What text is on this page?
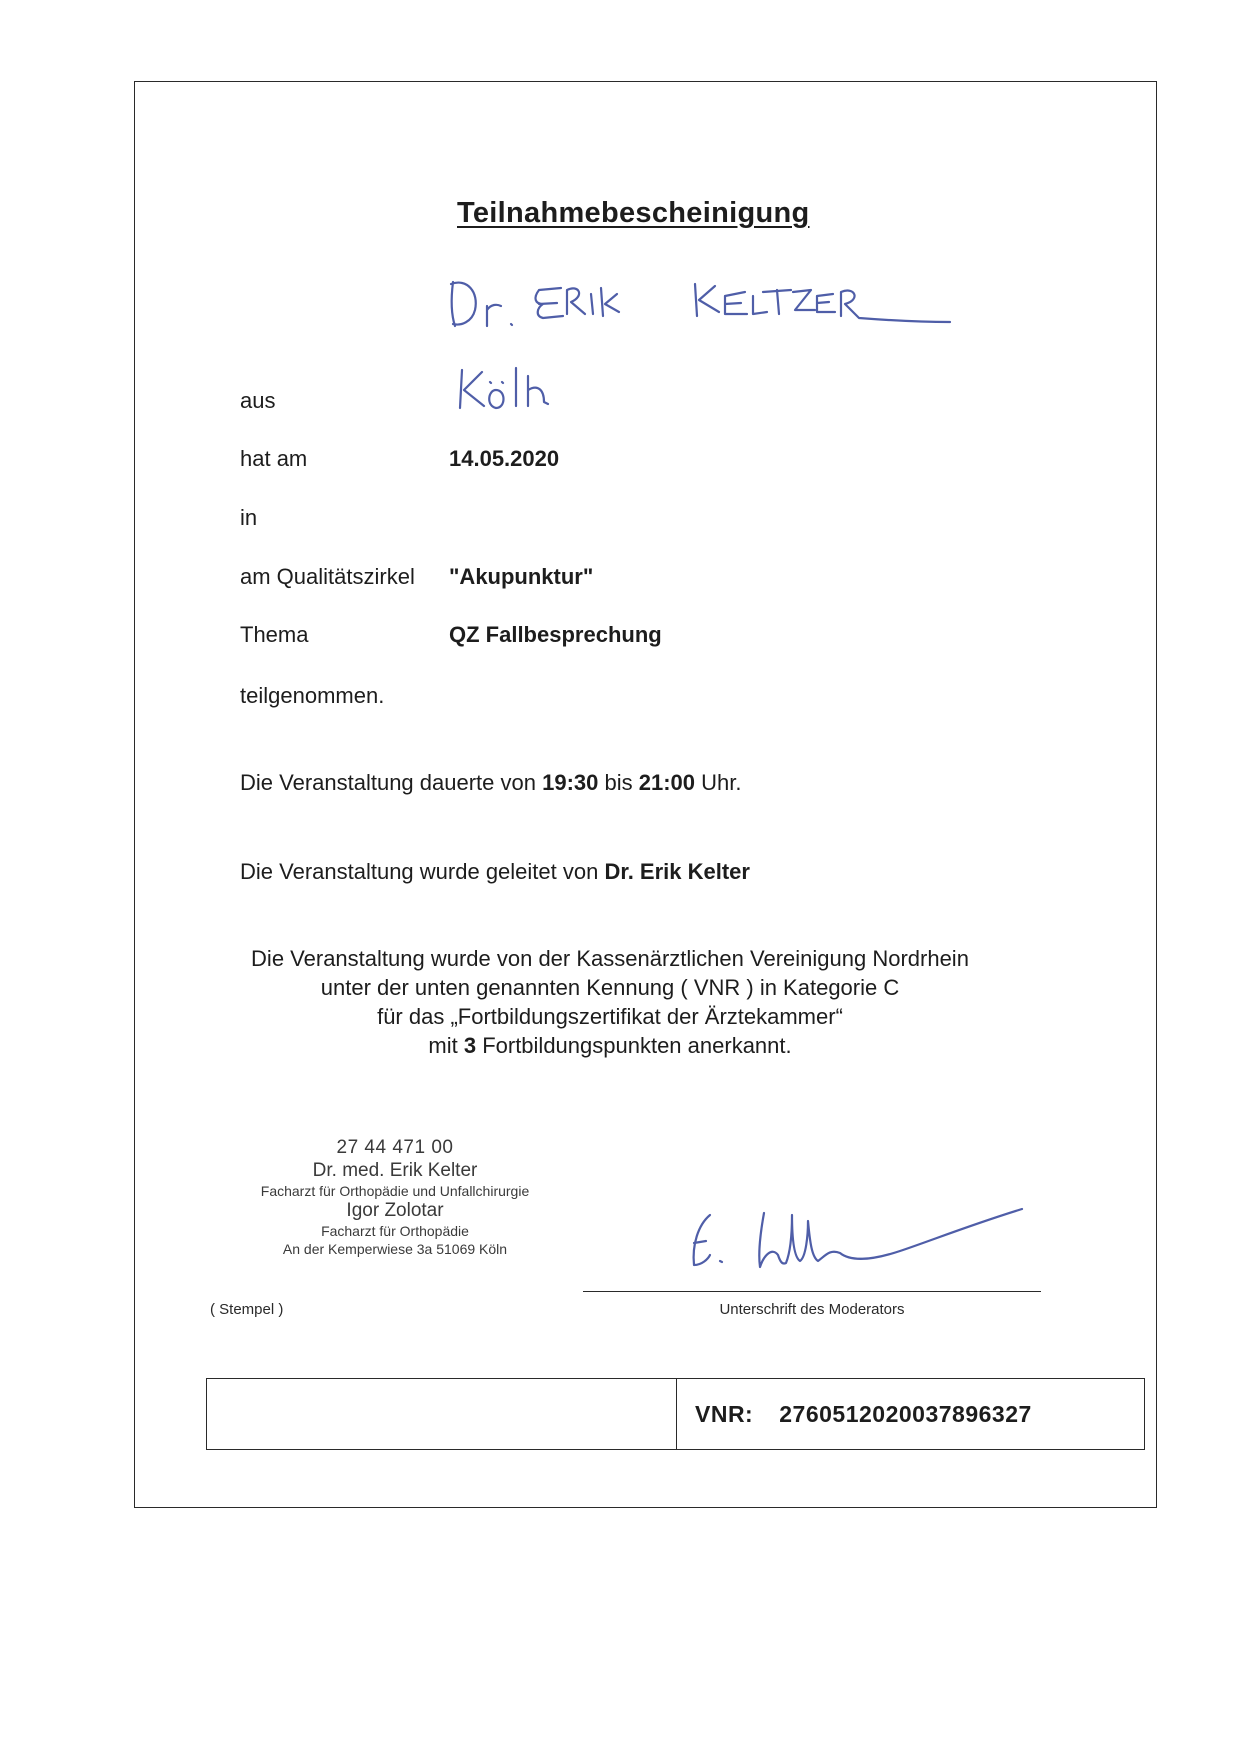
Teilnahmebescheinigung
aus
hat am	14.05.2020
in
am Qualitätszirkel "Akupunktur"
Thema	QZ Fallbesprechung
teilgenommen.
Die Veranstaltung dauerte von 19:30 bis 21:00 Uhr.
Die Veranstaltung wurde geleitet von Dr. Erik Kelter
Die Veranstaltung wurde von der Kassenärztlichen Vereinigung Nordrhein
unter der unten genannten Kennung ( VNR ) in Kategorie C
für das „Fortbildungszertifikat der Ärztekammer“
mit 3 Fortbildungspunkten anerkannt.
27 44 471 00
Dr. med. Erik Kelter
Facharzt für Orthopädie und Unfallchirurgie
Igor Zolotar
Facharzt für Orthopädie
An der Kemperwiese 3a 51069 Köln
( Stempel )	Unterschrift des Moderators
VNR: 2760512020037896327
